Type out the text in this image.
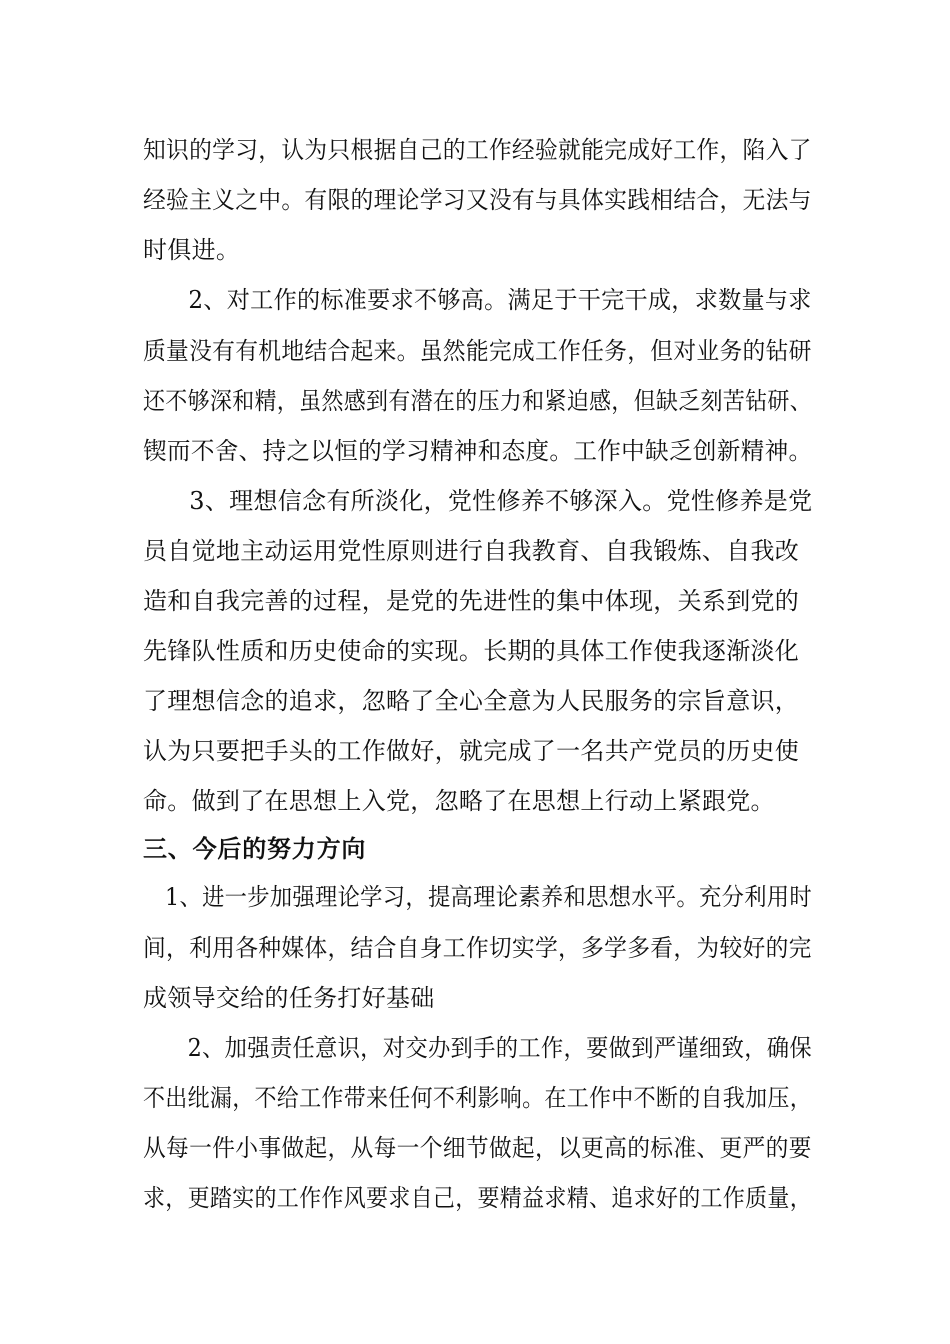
知识的学习，认为只根据自己的工作经验就能完成好工作，陷入了

经验主义之中。有限的理论学习又没有与具体实践相结合，无法与

时俱进。

　2、对工作的标准要求不够高。满足于干完干成，求数量与求

质量没有有机地结合起来。虽然能完成工作任务，但对业务的钻研

还不够深和精，虽然感到有潜在的压力和紧迫感，但缺乏刻苦钻研、

锲而不舍、持之以恒的学习精神和态度。工作中缺乏创新精神。

　3、理想信念有所淡化，党性修养不够深入。党性修养是党

员自觉地主动运用党性原则进行自我教育、自我锻炼、自我改

造和自我完善的过程，是党的先进性的集中体现，关系到党的

先锋队性质和历史使命的实现。长期的具体工作使我逐渐淡化

了理想信念的追求，忽略了全心全意为人民服务的宗旨意识，

认为只要把手头的工作做好，就完成了一名共产党员的历史使

命。做到了在思想上入党，忽略了在思想上行动上紧跟党。

三、今后的努力方向

1、进一步加强理论学习，提高理论素养和思想水平。充分利用时

间，利用各种媒体，结合自身工作切实学，多学多看，为较好的完

成领导交给的任务打好基础

　2、加强责任意识，对交办到手的工作，要做到严谨细致，确保

不出纰漏，不给工作带来任何不利影响。在工作中不断的自我加压，

从每一件小事做起，从每一个细节做起，以更高的标准、更严的要

求，更踏实的工作作风要求自己，要精益求精、追求好的工作质量，
